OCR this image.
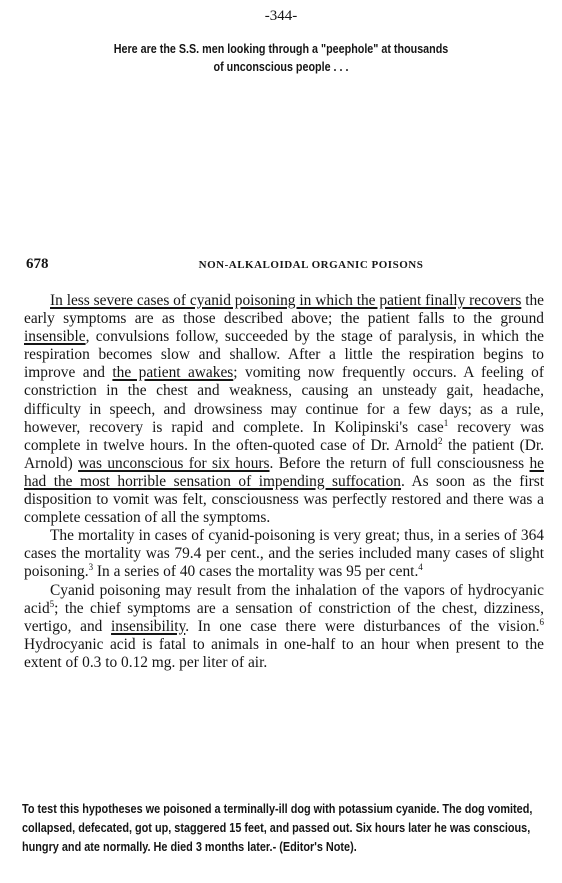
-344-
Here are the S.S. men looking through a "peephole" at thousands
of unconscious people . . .
678	NON-ALKALOIDAL ORGANIC POISONS

In less severe cases of cyanid poisoning in which the patient finally recovers the early symptoms are as those described above; the patient falls to the ground insensible, convulsions follow, succeeded by the stage of paralysis, in which the respiration becomes slow and shallow. After a little the respiration begins to improve and the patient awakes; vomiting now frequently occurs. A feeling of constriction in the chest and weakness, causing an unsteady gait, headache, difficulty in speech, and drowsiness may continue for a few days; as a rule, however, recovery is rapid and complete. In Kolipinski's case$^1$ recovery was complete in twelve hours. In the often-quoted case of Dr. Arnold$^2$ the patient (Dr. Arnold) was unconscious for six hours. Before the return of full consciousness he had the most horrible sensation of impending suffocation. As soon as the first disposition to vomit was felt, consciousness was perfectly restored and there was a complete cessation of all the symptoms.

The mortality in cases of cyanid-poisoning is very great; thus, in a series of 364 cases the mortality was 79.4 per cent., and the series included many cases of slight poisoning.$^3$ In a series of 40 cases the mortality was 95 per cent.$^4$

Cyanid poisoning may result from the inhalation of the vapors of hydrocyanic acid$^5$; the chief symptoms are a sensation of constriction of the chest, dizziness, vertigo, and insensibility. In one case there were disturbances of the vision.$^6$ Hydrocyanic acid is fatal to animals in one-half to an hour when present to the extent of 0.3 to 0.12 mg. per liter of air.

To test this hypotheses we poisoned a terminally-ill dog with potassium cyanide. The dog vomited,
collapsed, defecated, got up, staggered 15 feet, and passed out. Six hours later he was conscious,
hungry and ate normally. He died 3 months later.- (Editor's Note).
